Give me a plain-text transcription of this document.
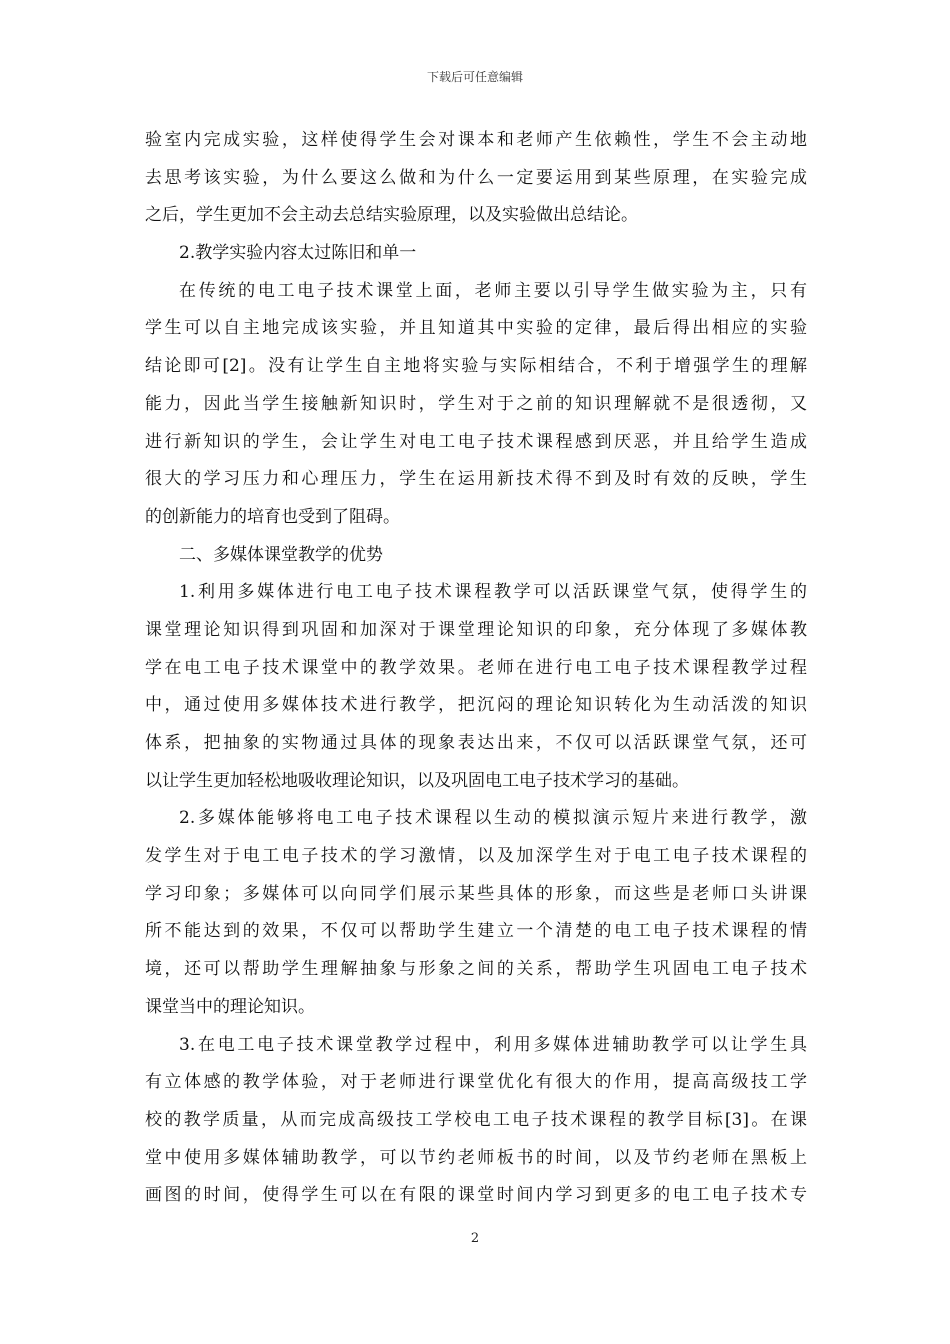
下载后可任意编辑
验室内完成实验，这样使得学生会对课本和老师产生依赖性，学生不会主动地
去思考该实验，为什么要这么做和为什么一定要运用到某些原理，在实验完成
之后，学生更加不会主动去总结实验原理，以及实验做出总结论。
2.教学实验内容太过陈旧和单一
在传统的电工电子技术课堂上面，老师主要以引导学生做实验为主，只有
学生可以自主地完成该实验，并且知道其中实验的定律，最后得出相应的实验
结论即可[2]。没有让学生自主地将实验与实际相结合，不利于增强学生的理解
能力，因此当学生接触新知识时，学生对于之前的知识理解就不是很透彻，又
进行新知识的学生，会让学生对电工电子技术课程感到厌恶，并且给学生造成
很大的学习压力和心理压力，学生在运用新技术得不到及时有效的反映，学生
的创新能力的培育也受到了阻碍。
二、多媒体课堂教学的优势
1.利用多媒体进行电工电子技术课程教学可以活跃课堂气氛，使得学生的
课堂理论知识得到巩固和加深对于课堂理论知识的印象，充分体现了多媒体教
学在电工电子技术课堂中的教学效果。老师在进行电工电子技术课程教学过程
中，通过使用多媒体技术进行教学，把沉闷的理论知识转化为生动活泼的知识
体系，把抽象的实物通过具体的现象表达出来，不仅可以活跃课堂气氛，还可
以让学生更加轻松地吸收理论知识，以及巩固电工电子技术学习的基础。
2.多媒体能够将电工电子技术课程以生动的模拟演示短片来进行教学，激
发学生对于电工电子技术的学习激情，以及加深学生对于电工电子技术课程的
学习印象；多媒体可以向同学们展示某些具体的形象，而这些是老师口头讲课
所不能达到的效果，不仅可以帮助学生建立一个清楚的电工电子技术课程的情
境，还可以帮助学生理解抽象与形象之间的关系，帮助学生巩固电工电子技术
课堂当中的理论知识。
3.在电工电子技术课堂教学过程中，利用多媒体进辅助教学可以让学生具
有立体感的教学体验，对于老师进行课堂优化有很大的作用，提高高级技工学
校的教学质量，从而完成高级技工学校电工电子技术课程的教学目标[3]。在课
堂中使用多媒体辅助教学，可以节约老师板书的时间，以及节约老师在黑板上
画图的时间，使得学生可以在有限的课堂时间内学习到更多的电工电子技术专
2
